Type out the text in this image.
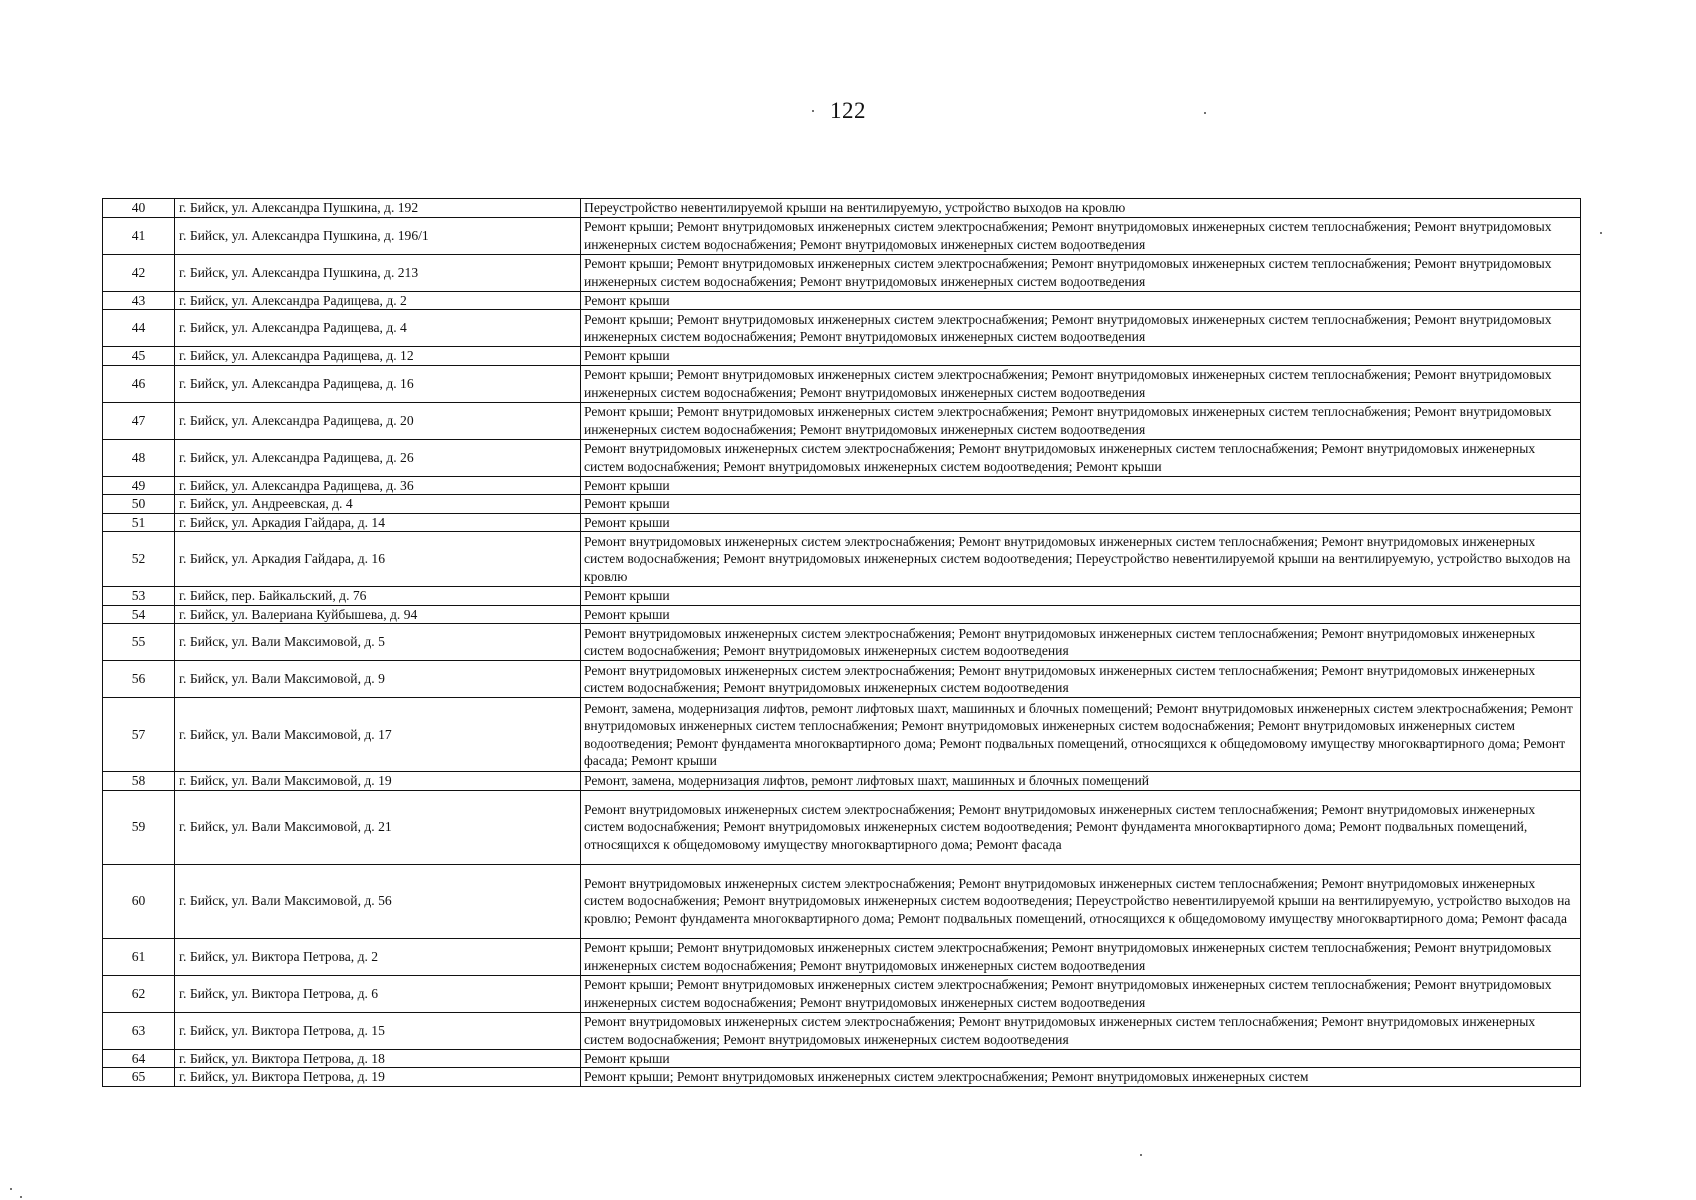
122
40	г. Бийск, ул. Александра Пушкина, д. 192	Переустройство невентилируемой крыши на вентилируемую, устройство выходов на кровлю
41	г. Бийск, ул. Александра Пушкина, д. 196/1	Ремонт крыши; Ремонт внутридомовых инженерных систем электроснабжения; Ремонт внутридомовых инженерных систем теплоснабжения; Ремонт внутридомовых инженерных систем водоснабжения; Ремонт внутридомовых инженерных систем водоотведения
42	г. Бийск, ул. Александра Пушкина, д. 213	Ремонт крыши; Ремонт внутридомовых инженерных систем электроснабжения; Ремонт внутридомовых инженерных систем теплоснабжения; Ремонт внутридомовых инженерных систем водоснабжения; Ремонт внутридомовых инженерных систем водоотведения
43	г. Бийск, ул. Александра Радищева, д. 2	Ремонт крыши
44	г. Бийск, ул. Александра Радищева, д. 4	Ремонт крыши; Ремонт внутридомовых инженерных систем электроснабжения; Ремонт внутридомовых инженерных систем теплоснабжения; Ремонт внутридомовых инженерных систем водоснабжения; Ремонт внутридомовых инженерных систем водоотведения
45	г. Бийск, ул. Александра Радищева, д. 12	Ремонт крыши
46	г. Бийск, ул. Александра Радищева, д. 16	Ремонт крыши; Ремонт внутридомовых инженерных систем электроснабжения; Ремонт внутридомовых инженерных систем теплоснабжения; Ремонт внутридомовых инженерных систем водоснабжения; Ремонт внутридомовых инженерных систем водоотведения
47	г. Бийск, ул. Александра Радищева, д. 20	Ремонт крыши; Ремонт внутридомовых инженерных систем электроснабжения; Ремонт внутридомовых инженерных систем теплоснабжения; Ремонт внутридомовых инженерных систем водоснабжения; Ремонт внутридомовых инженерных систем водоотведения
48	г. Бийск, ул. Александра Радищева, д. 26	Ремонт внутридомовых инженерных систем электроснабжения; Ремонт внутридомовых инженерных систем теплоснабжения; Ремонт внутридомовых инженерных систем водоснабжения; Ремонт внутридомовых инженерных систем водоотведения; Ремонт крыши
49	г. Бийск, ул. Александра Радищева, д. 36	Ремонт крыши
50	г. Бийск, ул. Андреевская, д. 4	Ремонт крыши
51	г. Бийск, ул. Аркадия Гайдара, д. 14	Ремонт крыши
52	г. Бийск, ул. Аркадия Гайдара, д. 16	Ремонт внутридомовых инженерных систем электроснабжения; Ремонт внутридомовых инженерных систем теплоснабжения; Ремонт внутридомовых инженерных систем водоснабжения; Ремонт внутридомовых инженерных систем водоотведения; Переустройство невентилируемой крыши на вентилируемую, устройство выходов на кровлю
53	г. Бийск, пер. Байкальский, д. 76	Ремонт крыши
54	г. Бийск, ул. Валериана Куйбышева, д. 94	Ремонт крыши
55	г. Бийск, ул. Вали Максимовой, д. 5	Ремонт внутридомовых инженерных систем электроснабжения; Ремонт внутридомовых инженерных систем теплоснабжения; Ремонт внутридомовых инженерных систем водоснабжения; Ремонт внутридомовых инженерных систем водоотведения
56	г. Бийск, ул. Вали Максимовой, д. 9	Ремонт внутридомовых инженерных систем электроснабжения; Ремонт внутридомовых инженерных систем теплоснабжения; Ремонт внутридомовых инженерных систем водоснабжения; Ремонт внутридомовых инженерных систем водоотведения
57	г. Бийск, ул. Вали Максимовой, д. 17	Ремонт, замена, модернизация лифтов, ремонт лифтовых шахт, машинных и блочных помещений; Ремонт внутридомовых инженерных систем электроснабжения; Ремонт внутридомовых инженерных систем теплоснабжения; Ремонт внутридомовых инженерных систем водоснабжения; Ремонт внутридомовых инженерных систем водоотведения; Ремонт фундамента многоквартирного дома; Ремонт подвальных помещений, относящихся к общедомовому имуществу многоквартирного дома; Ремонт фасада; Ремонт крыши
58	г. Бийск, ул. Вали Максимовой, д. 19	Ремонт, замена, модернизация лифтов, ремонт лифтовых шахт, машинных и блочных помещений
59	г. Бийск, ул. Вали Максимовой, д. 21	Ремонт внутридомовых инженерных систем электроснабжения; Ремонт внутридомовых инженерных систем теплоснабжения; Ремонт внутридомовых инженерных систем водоснабжения; Ремонт внутридомовых инженерных систем водоотведения; Ремонт фундамента многоквартирного дома; Ремонт подвальных помещений, относящихся к общедомовому имуществу многоквартирного дома; Ремонт фасада
60	г. Бийск, ул. Вали Максимовой, д. 56	Ремонт внутридомовых инженерных систем электроснабжения; Ремонт внутридомовых инженерных систем теплоснабжения; Ремонт внутридомовых инженерных систем водоснабжения; Ремонт внутридомовых инженерных систем водоотведения; Переустройство невентилируемой крыши на вентилируемую, устройство выходов на кровлю; Ремонт фундамента многоквартирного дома; Ремонт подвальных помещений, относящихся к общедомовому имуществу многоквартирного дома; Ремонт фасада
61	г. Бийск, ул. Виктора Петрова, д. 2	Ремонт крыши; Ремонт внутридомовых инженерных систем электроснабжения; Ремонт внутридомовых инженерных систем теплоснабжения; Ремонт внутридомовых инженерных систем водоснабжения; Ремонт внутридомовых инженерных систем водоотведения
62	г. Бийск, ул. Виктора Петрова, д. 6	Ремонт крыши; Ремонт внутридомовых инженерных систем электроснабжения; Ремонт внутридомовых инженерных систем теплоснабжения; Ремонт внутридомовых инженерных систем водоснабжения; Ремонт внутридомовых инженерных систем водоотведения
63	г. Бийск, ул. Виктора Петрова, д. 15	Ремонт внутридомовых инженерных систем электроснабжения; Ремонт внутридомовых инженерных систем теплоснабжения; Ремонт внутридомовых инженерных систем водоснабжения; Ремонт внутридомовых инженерных систем водоотведения
64	г. Бийск, ул. Виктора Петрова, д. 18	Ремонт крыши
65	г. Бийск, ул. Виктора Петрова, д. 19	Ремонт крыши; Ремонт внутридомовых инженерных систем электроснабжения; Ремонт внутридомовых инженерных систем
